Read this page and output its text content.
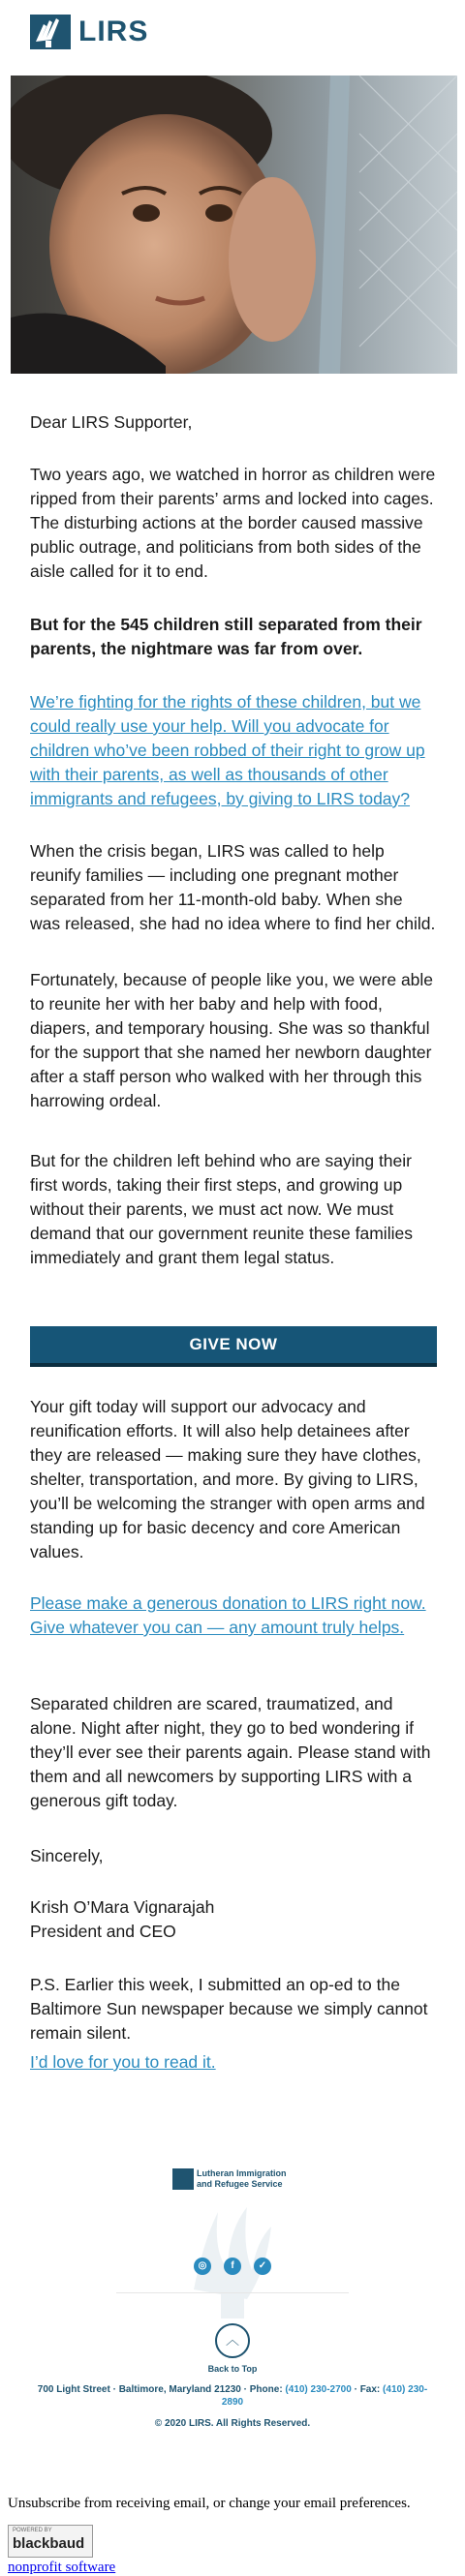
LIRS

Dear LIRS Supporter,

Two years ago, we watched in horror as children were ripped from their parents’ arms and locked into cages. The disturbing actions at the border caused massive public outrage, and politicians from both sides of the aisle called for it to end.

But for the 545 children still separated from their parents, the nightmare was far from over.

We’re fighting for the rights of these children, but we could really use your help. Will you advocate for children who’ve been robbed of their right to grow up with their parents, as well as thousands of other immigrants and refugees, by giving to LIRS today?

When the crisis began, LIRS was called to help reunify families — including one pregnant mother separated from her 11-month-old baby. When she was released, she had no idea where to find her child.

Fortunately, because of people like you, we were able to reunite her with her baby and help with food, diapers, and temporary housing. She was so thankful for the support that she named her newborn daughter after a staff person who walked with her through this harrowing ordeal.

But for the children left behind who are saying their first words, taking their first steps, and growing up without their parents, we must act now. We must demand that our government reunite these families immediately and grant them legal status.

GIVE NOW

Your gift today will support our advocacy and reunification efforts. It will also help detainees after they are released — making sure they have clothes, shelter, transportation, and more. By giving to LIRS, you’ll be welcoming the stranger with open arms and standing up for basic decency and core American values.

Please make a generous donation to LIRS right now. Give whatever you can — any amount truly helps.

Separated children are scared, traumatized, and alone. Night after night, they go to bed wondering if they’ll ever see their parents again. Please stand with them and all newcomers by supporting LIRS with a generous gift today.

Sincerely,

Krish O’Mara Vignarajah

President and CEO

P.S. Earlier this week, I submitted an op-ed to the Baltimore Sun newspaper because we simply cannot remain silent.

I’d love for you to read it.
Lutheran Immigration
and Refugee Service
◎	f	✓
︿
Back to Top
700 Light Street · Baltimore, Maryland 21230 · Phone: (410) 230-2700 · Fax: (410) 230-2890
© 2020 LIRS. All Rights Reserved.
Unsubscribe from receiving email, or change your email preferences.
POWERED BY
blackbaud
nonprofit software
